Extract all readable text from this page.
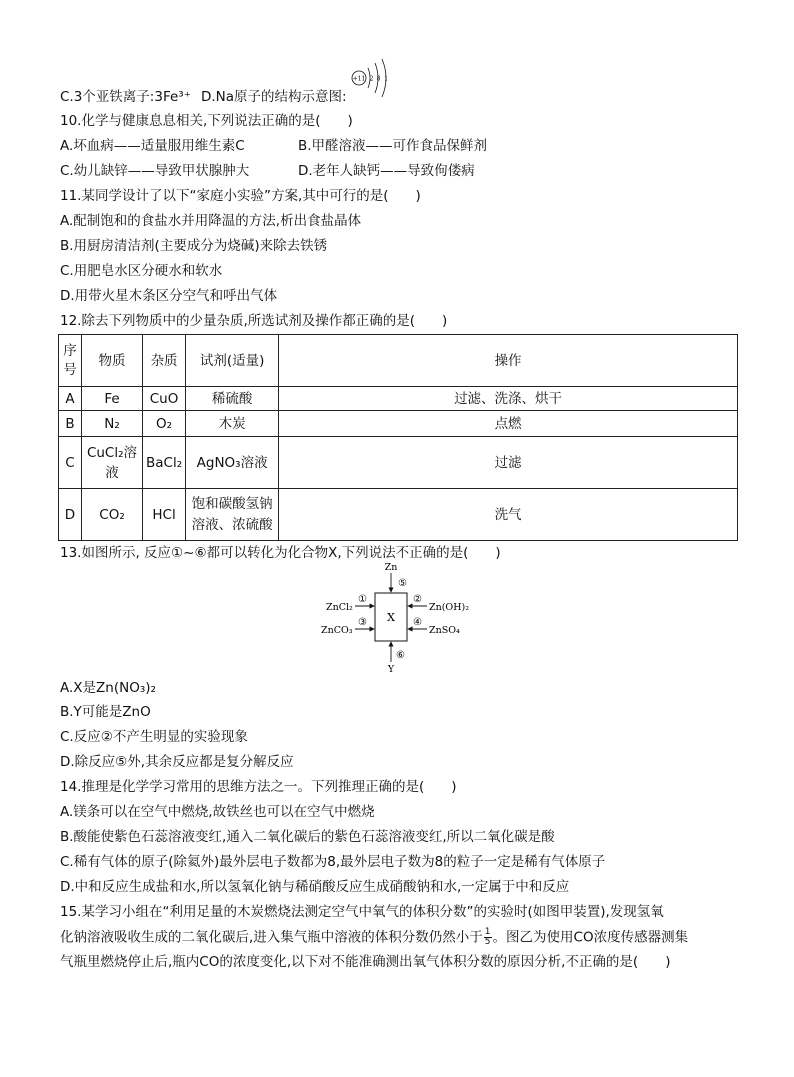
C.3个亚铁离子:3Fe³⁺ D.Na原子的结构示意图:
+11 2 8 1
10.化学与健康息息相关,下列说法正确的是(　　)
A.坏血病——适量服用维生素C	B.甲醛溶液——可作食品保鲜剂
C.幼儿缺锌——导致甲状腺肿大	D.老年人缺钙——导致佝偻病
11.某同学设计了以下“家庭小实验”方案,其中可行的是(　　)
A.配制饱和的食盐水并用降温的方法,析出食盐晶体
B.用厨房清洁剂(主要成分为烧碱)来除去铁锈
C.用肥皂水区分硬水和软水
D.用带火星木条区分空气和呼出气体
12.除去下列物质中的少量杂质,所选试剂及操作都正确的是(　　)
序号	物质	杂质	试剂(适量)	操作
A	Fe	CuO	稀硫酸	过滤、洗涤、烘干
B	N₂	O₂	木炭	点燃
C	CuCl₂溶液	BaCl₂	AgNO₃溶液	过滤
D	CO₂	HCl	饱和碳酸氢钠溶液、浓硫酸	洗气
13.如图所示, 反应①~⑥都可以转化为化合物X,下列说法不正确的是(　　)
X
Zn
⑤
Y
⑥
ZnCl₂
①
ZnCO₃
③
Zn(OH)₂
②
ZnSO₄
④
A.X是Zn(NO₃)₂
B.Y可能是ZnO
C.反应②不产生明显的实验现象
D.除反应⑤外,其余反应都是复分解反应
14.推理是化学学习常用的思维方法之一。下列推理正确的是(　　)
A.镁条可以在空气中燃烧,故铁丝也可以在空气中燃烧
B.酸能使紫色石蕊溶液变红,通入二氧化碳后的紫色石蕊溶液变红,所以二氧化碳是酸
C.稀有气体的原子(除氦外)最外层电子数都为8,最外层电子数为8的粒子一定是稀有气体原子
D.中和反应生成盐和水,所以氢氧化钠与稀硝酸反应生成硝酸钠和水,一定属于中和反应
15.某学习小组在“利用足量的木炭燃烧法测定空气中氧气的体积分数”的实验时(如图甲装置),发现氢氧
化钠溶液吸收生成的二氧化碳后,进入集气瓶中溶液的体积分数仍然小于 $\frac{1}{5}$ 。图乙为使用CO浓度传感器测集
气瓶里燃烧停止后,瓶内CO的浓度变化,以下对不能准确测出氧气体积分数的原因分析,不正确的是(　　)
